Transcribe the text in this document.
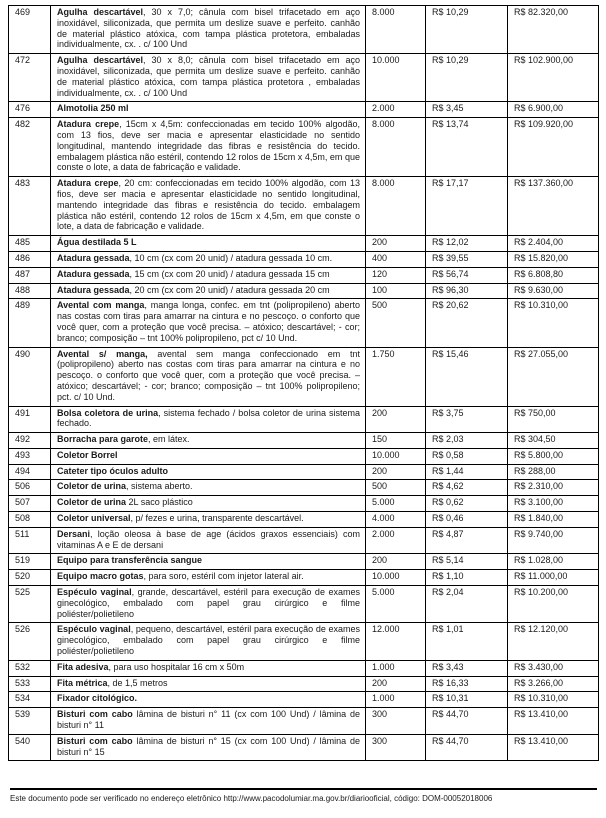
469	Agulha descartável, 30 x 7,0; cânula com bisel trifacetado em aço inoxidável, siliconizada, que permita um deslize suave e perfeito. canhão de material plástico atóxica, com tampa plástica protetora, embaladas individualmente, cx. . c/ 100 Und	8.000	R$ 10,29	R$ 82.320,00
472	Agulha descartável, 30 x 8,0; cânula com bisel trifacetado em aço inoxidável, siliconizada, que permita um deslize suave e perfeito. canhão de material plástico atóxica, com tampa plástica protetora , embaladas individualmente, cx. . c/ 100 Und	10.000	R$ 10,29	R$ 102.900,00
476	Almotolia 250 ml	2.000	R$ 3,45	R$ 6.900,00
482	Atadura crepe, 15cm x 4,5m: confeccionadas em tecido 100% algodão, com 13 fios, deve ser macia e apresentar elasticidade no sentido longitudinal, mantendo integridade das fibras e resistência do tecido. embalagem plástica não estéril, contendo 12 rolos de 15cm x 4,5m, em que conste o lote, a data de fabricação e validade.	8.000	R$ 13,74	R$ 109.920,00
483	Atadura crepe, 20 cm: confeccionadas em tecido 100% algodão, com 13 fios, deve ser macia e apresentar elasticidade no sentido longitudinal, mantendo integridade das fibras e resistência do tecido. embalagem plástica não estéril, contendo 12 rolos de 15cm x 4,5m, em que conste o lote, a data de fabricação e validade.	8.000	R$ 17,17	R$ 137.360,00
485	Água destilada 5 L	200	R$ 12,02	R$ 2.404,00
486	Atadura gessada, 10 cm (cx com 20 unid) / atadura gessada 10 cm.	400	R$ 39,55	R$ 15.820,00
487	Atadura gessada, 15 cm (cx com 20 unid) / atadura gessada 15 cm	120	R$ 56,74	R$ 6.808,80
488	Atadura gessada, 20 cm (cx com 20 unid) / atadura gessada 20 cm	100	R$ 96,30	R$ 9.630,00
489	Avental com manga, manga longa, confec. em tnt (polipropileno) aberto nas costas com tiras para amarrar na cintura e no pescoço. o conforto que você quer, com a proteção que você precisa. – atóxico; descartável; - cor; branco; composição – tnt 100% polipropileno, pct c/ 10 Und.	500	R$ 20,62	R$ 10.310,00
490	Avental s/ manga, avental sem manga confeccionado em tnt (polipropileno) aberto nas costas com tiras para amarrar na cintura e no pescoço. o conforto que você quer, com a proteção que você precisa. – atóxico; descartável; - cor; branco; composição – tnt 100% polipropileno; pct. c/ 10 Und.	1.750	R$ 15,46	R$ 27.055,00
491	Bolsa coletora de urina, sistema fechado / bolsa coletor de urina sistema fechado.	200	R$ 3,75	R$ 750,00
492	Borracha para garote, em látex.	150	R$ 2,03	R$ 304,50
493	Coletor Borrel	10.000	R$ 0,58	R$ 5.800,00
494	Cateter tipo óculos adulto	200	R$ 1,44	R$ 288,00
506	Coletor de urina, sistema aberto.	500	R$ 4,62	R$ 2.310,00
507	Coletor de urina 2L saco plástico	5.000	R$ 0,62	R$ 3.100,00
508	Coletor universal, p/ fezes e urina, transparente descartável.	4.000	R$ 0,46	R$ 1.840,00
511	Dersani, loção oleosa à base de age (ácidos graxos essenciais) com vitaminas A e E de dersani	2.000	R$ 4,87	R$ 9.740,00
519	Equipo para transferência sangue	200	R$ 5,14	R$ 1.028,00
520	Equipo macro gotas, para soro, estéril com injetor lateral air.	10.000	R$ 1,10	R$ 11.000,00
525	Espéculo vaginal, grande, descartável, estéril para execução de exames ginecológico, embalado com papel grau cirúrgico e filme poliéster/polietileno	5.000	R$ 2,04	R$ 10.200,00
526	Espéculo vaginal, pequeno, descartável, estéril para execução de exames ginecológico, embalado com papel grau cirúrgico e filme poliéster/polietileno	12.000	R$ 1,01	R$ 12.120,00
532	Fita adesiva, para uso hospitalar 16 cm x 50m	1.000	R$ 3,43	R$ 3.430,00
533	Fita métrica, de 1,5 metros	200	R$ 16,33	R$ 3.266,00
534	Fixador citológico.	1.000	R$ 10,31	R$ 10.310,00
539	Bisturi com cabo lâmina de bisturi n° 11 (cx com 100 Und) / lâmina de bisturi n° 11	300	R$ 44,70	R$ 13.410,00
540	Bisturi com cabo lâmina de bisturi n° 15 (cx com 100 Und) / lâmina de bisturi n° 15	300	R$ 44,70	R$ 13.410,00
Este documento pode ser verificado no endereço eletrônico http://www.pacodolumiar.ma.gov.br/diariooficial, código: DOM-00052018006
